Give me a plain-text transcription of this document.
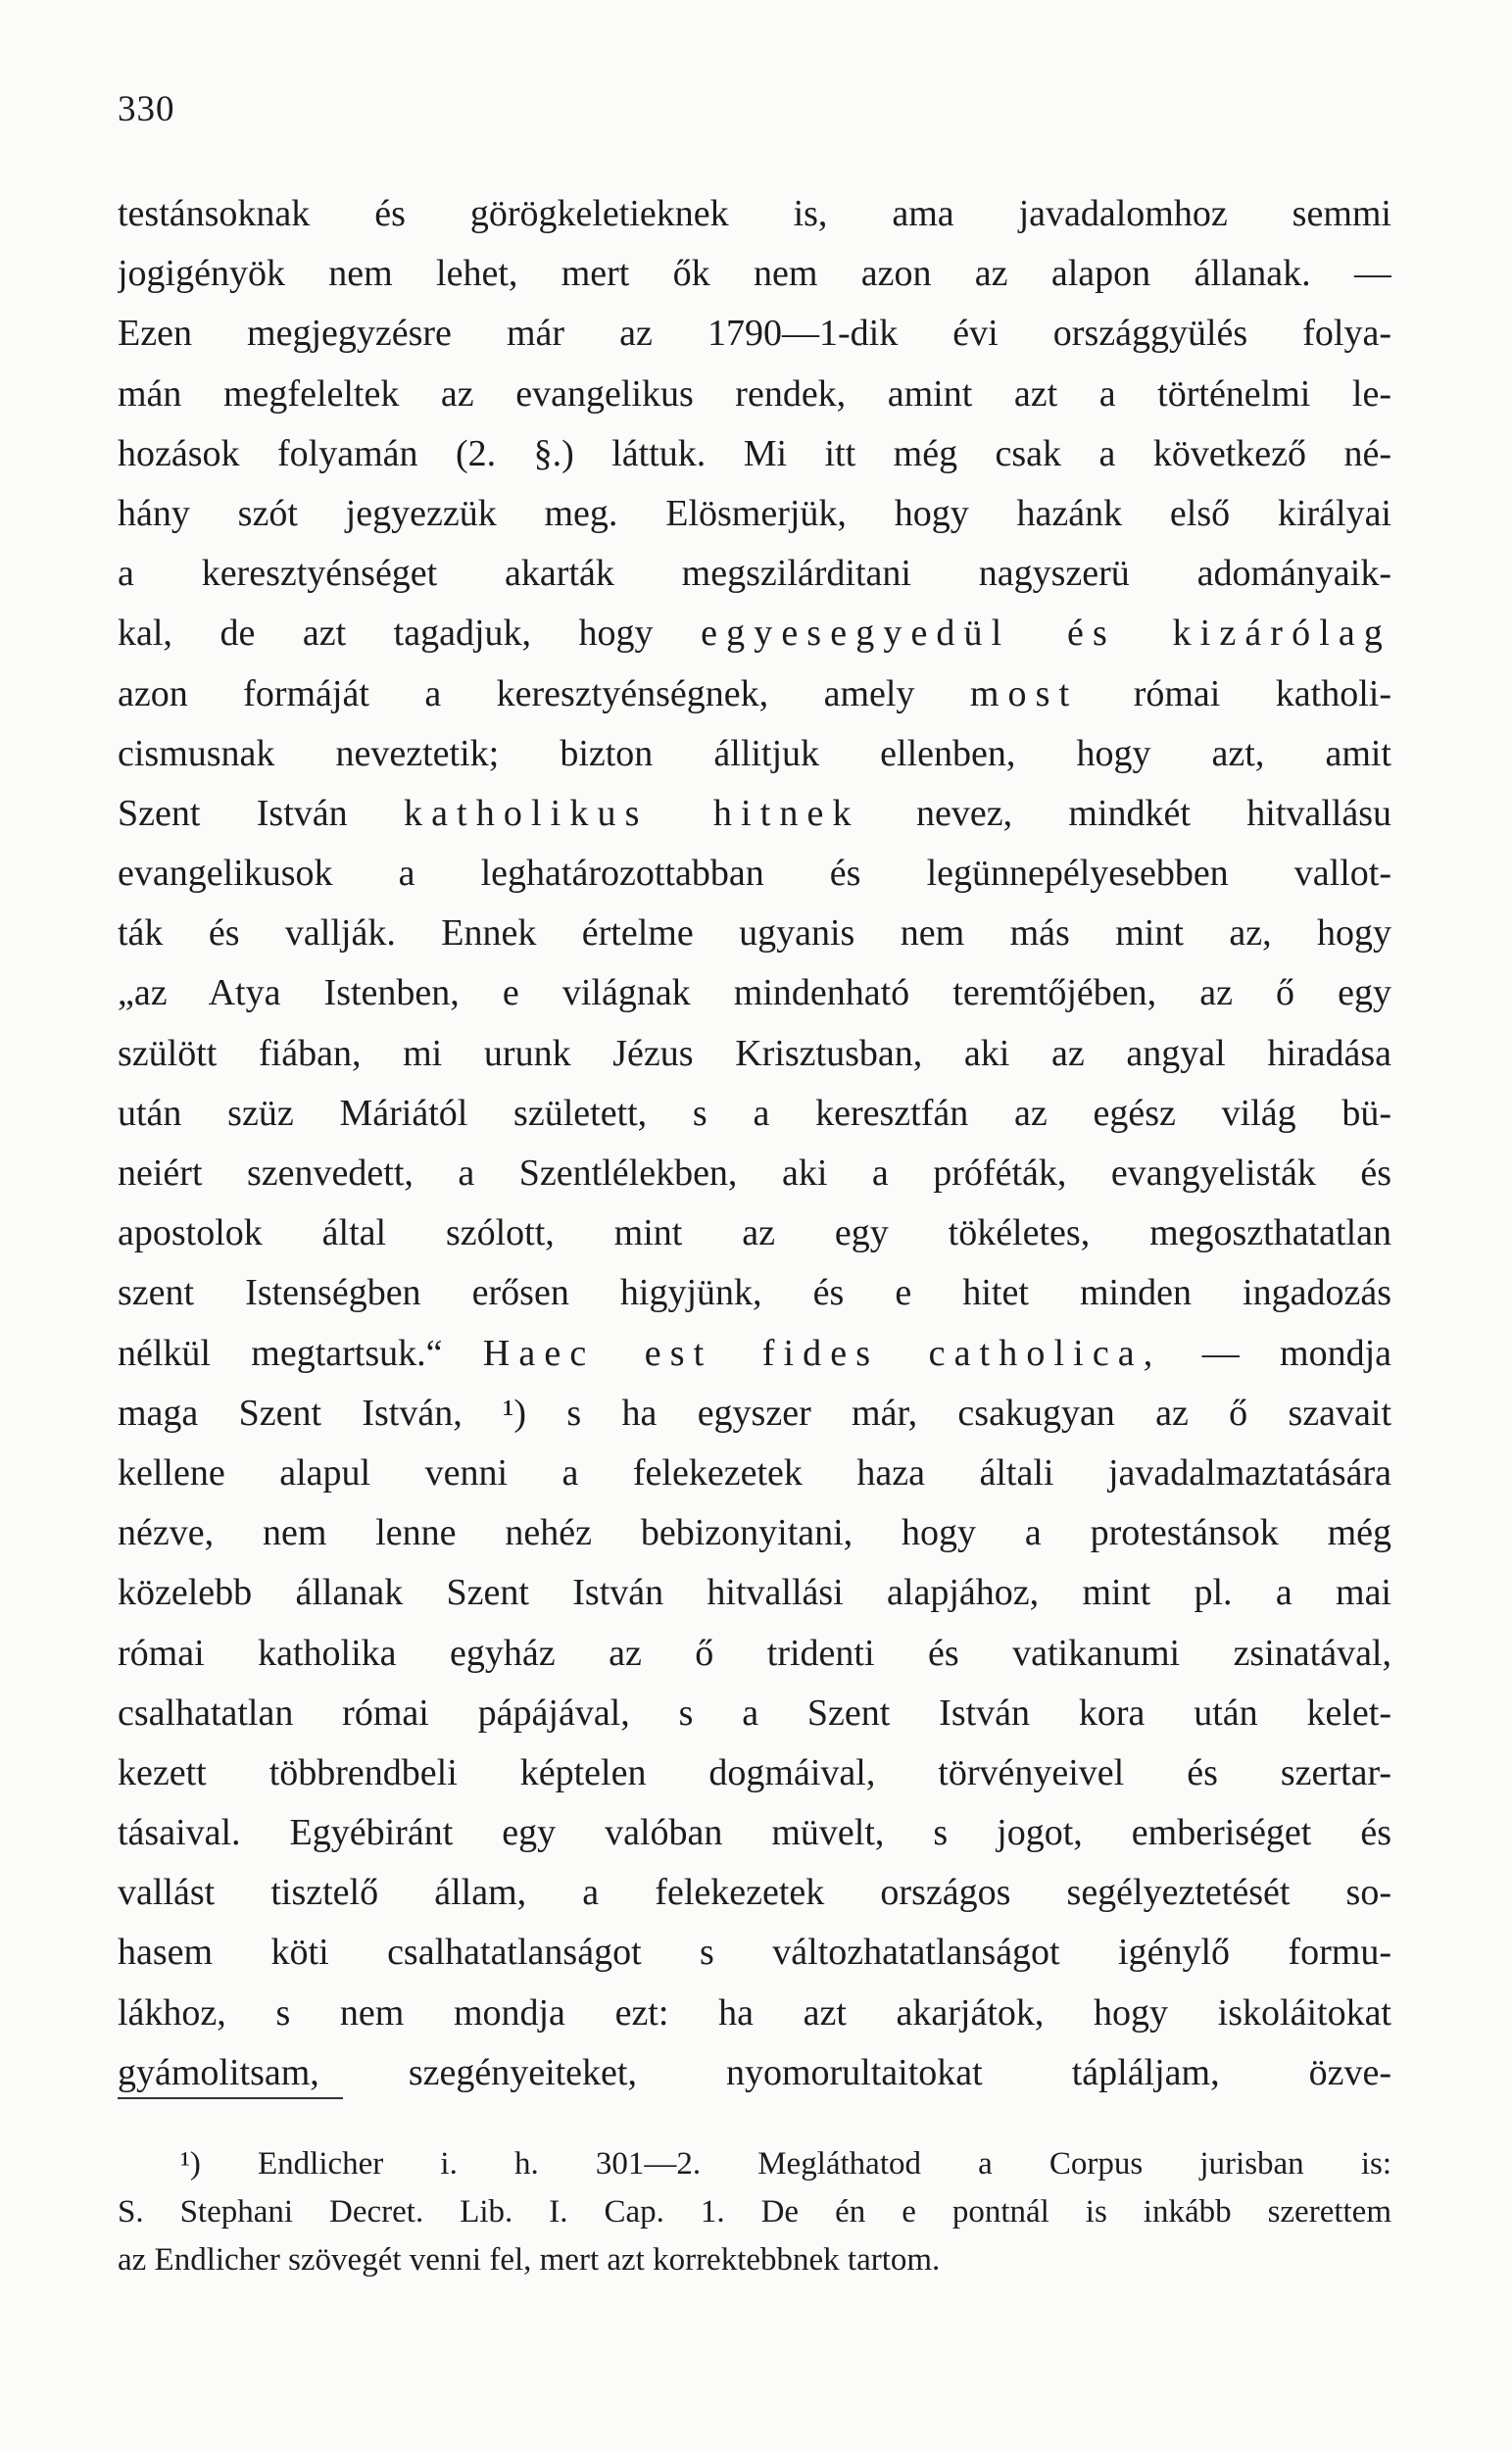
330
testánsoknak és görögkeletieknek is, ama javadalomhoz semmi
jogigényök nem lehet, mert ők nem azon az alapon állanak. —
Ezen megjegyzésre már az 1790—1-dik évi országgyülés folya-
mán megfeleltek az evangelikus rendek, amint azt a történelmi le-
hozások folyamán (2. §.) láttuk. Mi itt még csak a következő né-
hány szót jegyezzük meg. Elösmerjük, hogy hazánk első királyai
a keresztyénséget akarták megszilárditani nagyszerü adományaik-
kal, de azt tagadjuk, hogy egyesegyedül és kizárólag
azon formáját a keresztyénségnek, amely most római katholi-
cismusnak neveztetik; bizton állitjuk ellenben, hogy azt, amit
Szent István katholikus hitnek nevez, mindkét hitvallásu
evangelikusok a leghatározottabban és legünnepélyesebben vallot-
ták és vallják. Ennek értelme ugyanis nem más mint az, hogy
„az Atya Istenben, e világnak mindenható teremtőjében, az ő egy
szülött fiában, mi urunk Jézus Krisztusban, aki az angyal hiradása
után szüz Máriától született, s a keresztfán az egész világ bü-
neiért szenvedett, a Szentlélekben, aki a próféták, evangyelisták és
apostolok által szólott, mint az egy tökéletes, megoszthatatlan
szent Istenségben erősen higyjünk, és e hitet minden ingadozás
nélkül megtartsuk.“ Haec est fides catholica, — mondja
maga Szent István, ¹) s ha egyszer már, csakugyan az ő szavait
kellene alapul venni a felekezetek haza általi javadalmaztatására
nézve, nem lenne nehéz bebizonyitani, hogy a protestánsok még
közelebb állanak Szent István hitvallási alapjához, mint pl. a mai
római katholika egyház az ő tridenti és vatikanumi zsinatával,
csalhatatlan római pápájával, s a Szent István kora után kelet-
kezett többrendbeli képtelen dogmáival, törvényeivel és szertar-
tásaival. Egyébiránt egy valóban müvelt, s jogot, emberiséget és
vallást tisztelő állam, a felekezetek országos segélyeztetését so-
hasem köti csalhatatlanságot s változhatatlanságot igénylő formu-
lákhoz, s nem mondja ezt: ha azt akarjátok, hogy iskoláitokat
gyámolitsam, szegényeiteket, nyomorultaitokat tápláljam, özve-
¹) Endlicher i. h. 301—2. Megláthatod a Corpus jurisban is:
S. Stephani Decret. Lib. I. Cap. 1. De én e pontnál is inkább szerettem
az Endlicher szövegét venni fel, mert azt korrektebbnek tartom.
